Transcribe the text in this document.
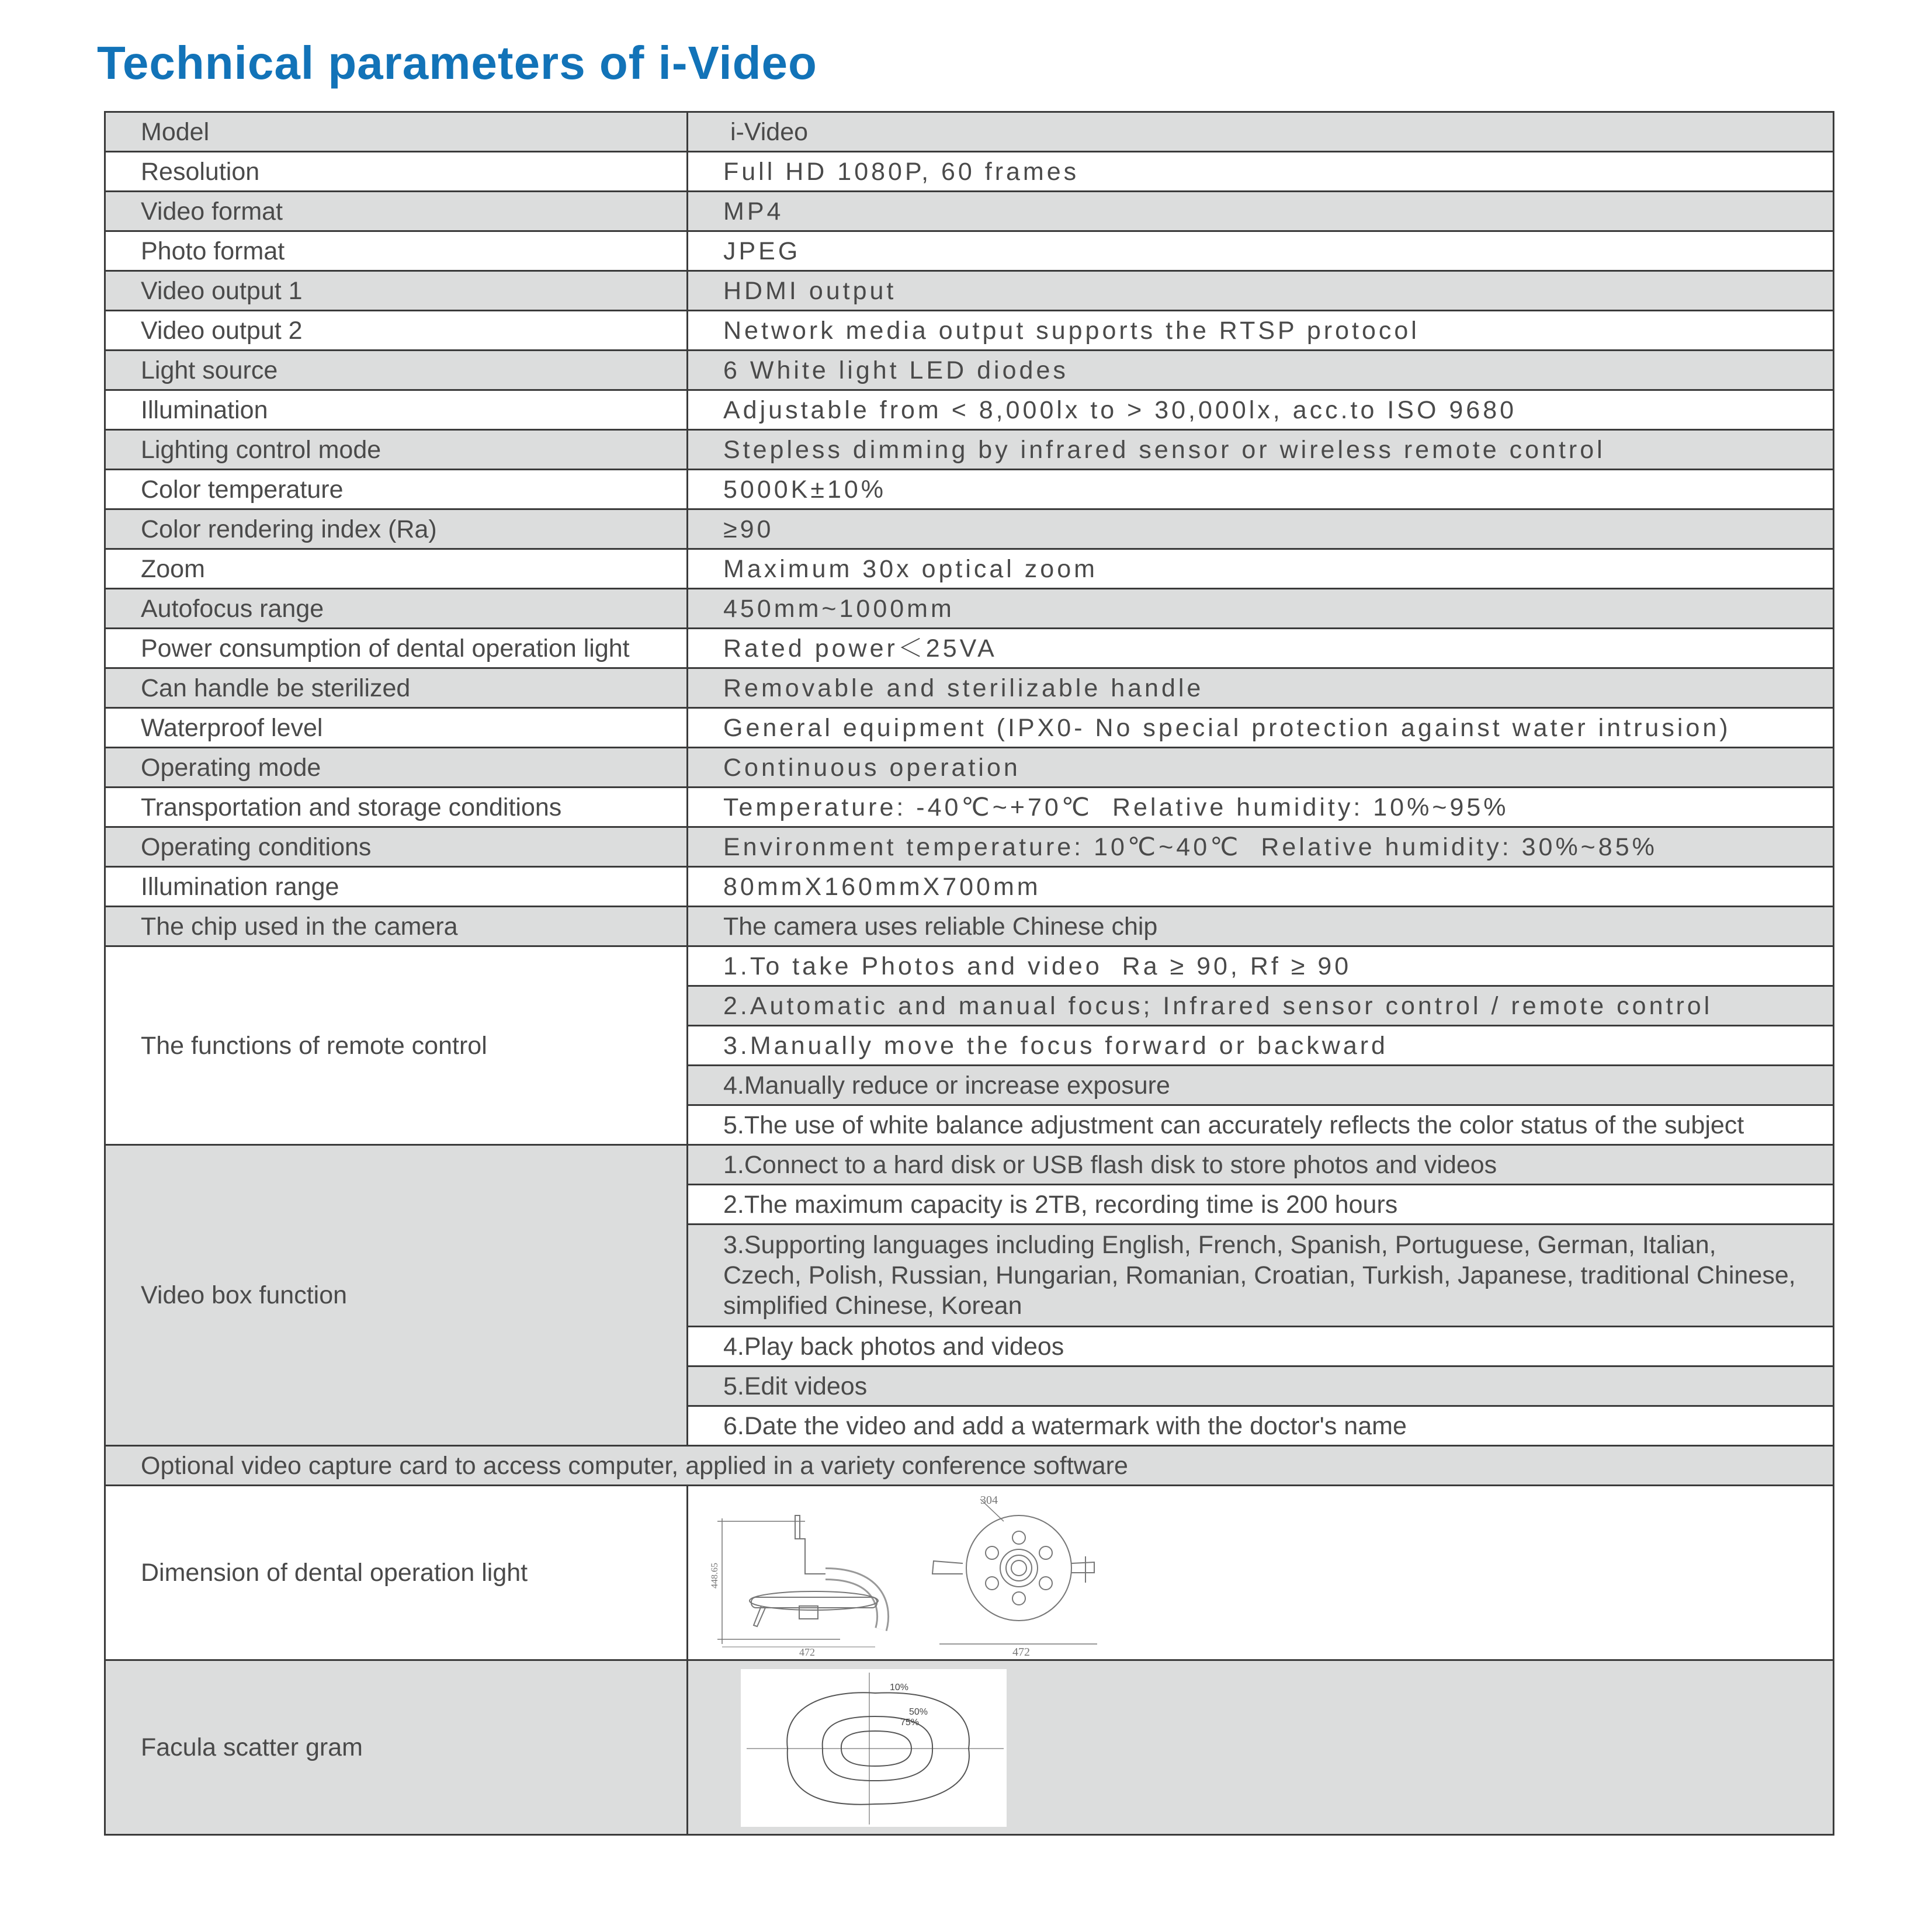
Technical parameters of i-Video
Model	i-Video
Resolution	Full HD 1080P, 60 frames
Video format	MP4
Photo format	JPEG
Video output 1	HDMI output
Video output 2	Network media output supports the RTSP protocol
Light source	6 White light LED diodes
Illumination	Adjustable from < 8,000lx to > 30,000lx, acc.to ISO 9680
Lighting control mode	Stepless dimming by infrared sensor or wireless remote control
Color temperature	5000K±10%
Color rendering index (Ra)	≥90
Zoom	Maximum 30x optical zoom
Autofocus range	450mm~1000mm
Power consumption of dental operation light	Rated power＜25VA
Can handle be sterilized	Removable and sterilizable handle
Waterproof level	General equipment (IPX0- No special protection against water intrusion)
Operating mode	Continuous operation
Transportation and storage conditions	Temperature: -40℃~+70℃  Relative humidity: 10%~95%
Operating conditions	Environment temperature: 10℃~40℃  Relative humidity: 30%~85%
Illumination range	80mmX160mmX700mm
The chip used in the camera	The camera uses reliable Chinese chip
The functions of remote control	1.To take Photos and video  Ra ≥ 90, Rf ≥ 90
	2.Automatic and manual focus; Infrared sensor control / remote control
	3.Manually move the focus forward or backward
	4.Manually reduce or increase exposure
	5.The use of white balance adjustment can accurately reflects the color status of the subject
Video box function	1.Connect to a hard disk or USB flash disk to store photos and videos
	2.The maximum capacity is 2TB, recording time is 200 hours
	3.Supporting languages including English, French, Spanish, Portuguese, German, Italian, Czech, Polish, Russian, Hungarian, Romanian, Croatian, Turkish, Japanese, traditional Chinese, simplified Chinese, Korean
	4.Play back photos and videos
	5.Edit videos
	6.Date the video and add a watermark with the doctor's name
Optional video capture card to access computer, applied in a variety conference software	
Dimension of dental operation light	472
448.65
304
472

Facula scatter gram	10%
50%
75%
